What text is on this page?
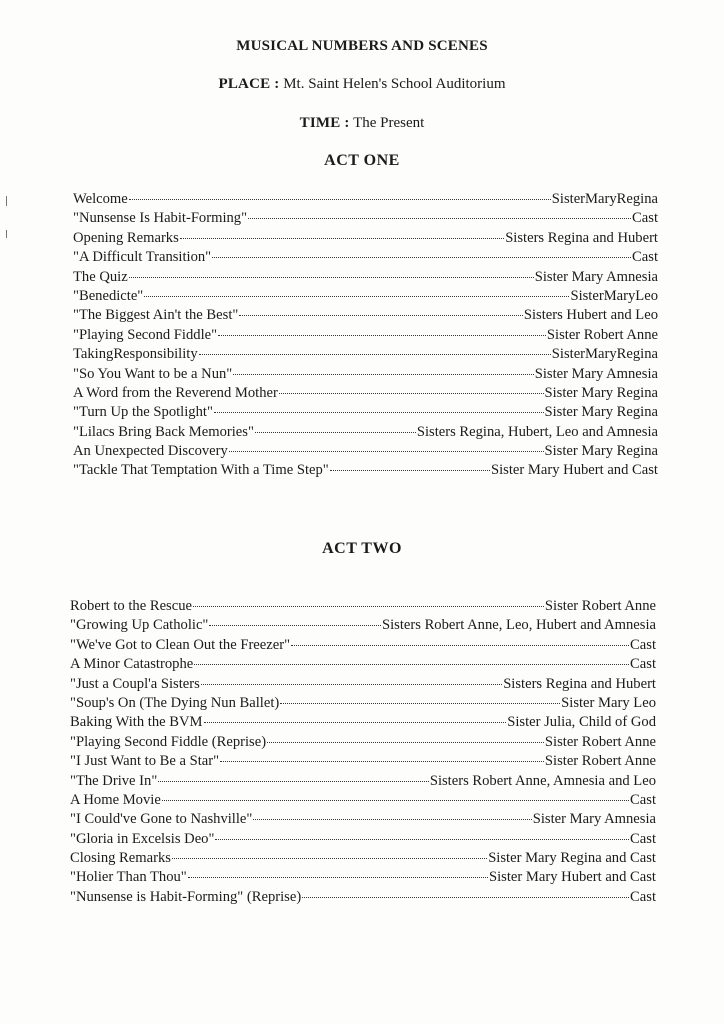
MUSICAL NUMBERS AND SCENES
PLACE : Mt. Saint Helen's School Auditorium
TIME : The Present
ACT ONE
Welcome	SisterMaryRegina
"Nunsense Is Habit-Forming"	Cast
Opening Remarks	Sisters Regina and Hubert
"A Difficult Transition"	Cast
The Quiz	Sister Mary Amnesia
"Benedicte"	SisterMaryLeo
"The Biggest Ain't the Best"	Sisters Hubert and Leo
"Playing Second Fiddle"	Sister Robert Anne
TakingResponsibility	SisterMaryRegina
"So You Want to be a Nun"	Sister Mary Amnesia
A Word from the Reverend Mother	Sister Mary Regina
"Turn Up the Spotlight"	Sister Mary Regina
"Lilacs Bring Back Memories"	Sisters Regina, Hubert, Leo and Amnesia
An Unexpected Discovery	Sister Mary Regina
"Tackle That Temptation With a Time Step"	Sister Mary Hubert and Cast
ACT TWO
Robert to the Rescue	Sister Robert Anne
"Growing Up Catholic"	Sisters Robert Anne, Leo, Hubert and Amnesia
"We've Got to Clean Out the Freezer"	Cast
A Minor Catastrophe	Cast
"Just a Coupl'a Sisters	Sisters Regina and Hubert
"Soup's On (The Dying Nun Ballet)	Sister Mary Leo
Baking With the BVM	Sister Julia, Child of God
"Playing Second Fiddle (Reprise)	Sister Robert Anne
"I Just Want to Be a Star"	Sister Robert Anne
"The Drive In"	Sisters Robert Anne, Amnesia and Leo
A Home Movie	Cast
"I Could've Gone to Nashville"	Sister Mary Amnesia
"Gloria in Excelsis Deo"	Cast
Closing Remarks	Sister Mary Regina and Cast
"Holier Than Thou"	Sister Mary Hubert and Cast
"Nunsense is Habit-Forming" (Reprise)	Cast
